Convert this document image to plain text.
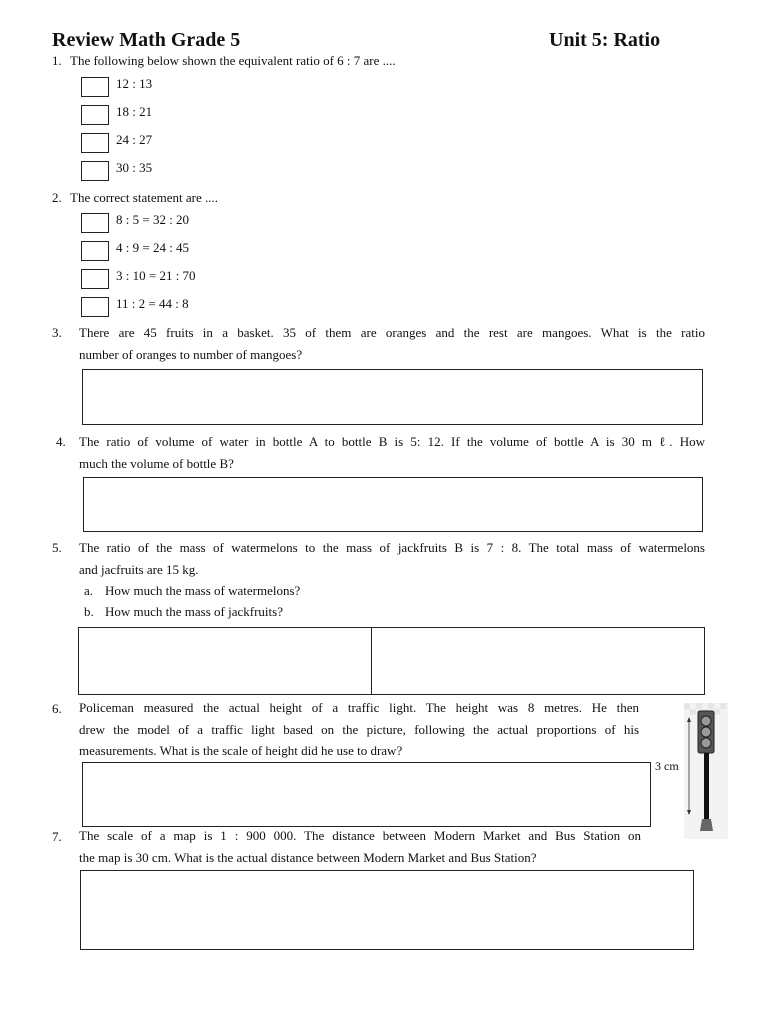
Review Math Grade 5	Unit 5: Ratio
1. The following below shown the equivalent ratio of 6 : 7 are ....
12 : 13
18 : 21
24 : 27
30 : 35
2. The correct statement are ....
8 : 5 = 32 : 20
4 : 9 = 24 : 45
3 : 10 = 21 : 70
11 : 2 = 44 : 8
3. There are 45 fruits in a basket. 35 of them are oranges and the rest are mangoes. What is the ratio
number of oranges to number of mangoes?
4. The ratio of volume of water in bottle A to bottle B is 5: 12. If the volume of bottle A is 30 m ℓ. How
much the volume of bottle B?
5. The ratio of the mass of watermelons to the mass of jackfruits B is 7 : 8. The total mass of watermelons
and jacfruits are 15 kg.
a. How much the mass of watermelons?
b. How much the mass of jackfruits?
6. Policeman measured the actual height of a traffic light. The height was 8 metres. He then
drew the model of a traffic light based on the picture, following the actual proportions of his
measurements. What is the scale of height did he use to draw?
3 cm
7. The scale of a map is 1 : 900 000. The distance between Modern Market and Bus Station on
the map is 30 cm. What is the actual distance between Modern Market and Bus Station?
